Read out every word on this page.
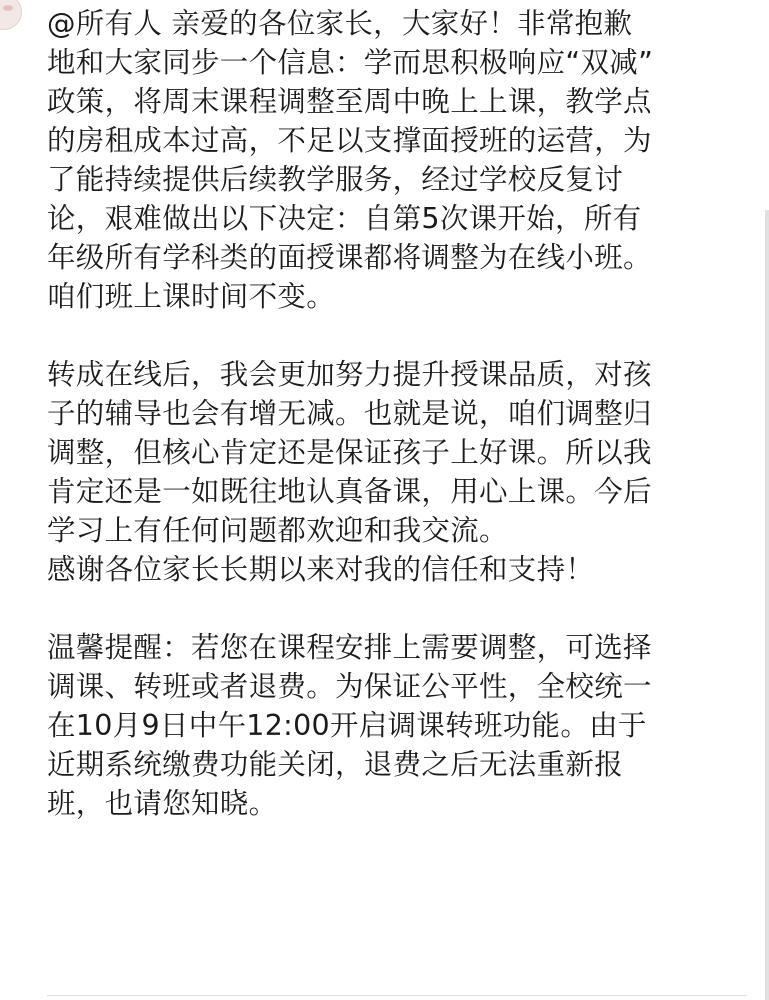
@所有人 亲爱的各位家长，大家好！非常抱歉
地和大家同步一个信息：学而思积极响应“双减”
政策，将周末课程调整至周中晚上上课，教学点
的房租成本过高，不足以支撑面授班的运营，为
了能持续提供后续教学服务，经过学校反复讨
论，艰难做出以下决定：自第5次课开始，所有
年级所有学科类的面授课都将调整为在线小班。
咱们班上课时间不变。
转成在线后，我会更加努力提升授课品质，对孩
子的辅导也会有增无减。也就是说，咱们调整归
调整，但核心肯定还是保证孩子上好课。所以我
肯定还是一如既往地认真备课，用心上课。今后
学习上有任何问题都欢迎和我交流。
感谢各位家长长期以来对我的信任和支持！
温馨提醒：若您在课程安排上需要调整，可选择
调课、转班或者退费。为保证公平性，全校统一
在10月9日中午12:00开启调课转班功能。由于
近期系统缴费功能关闭，退费之后无法重新报
班，也请您知晓。
